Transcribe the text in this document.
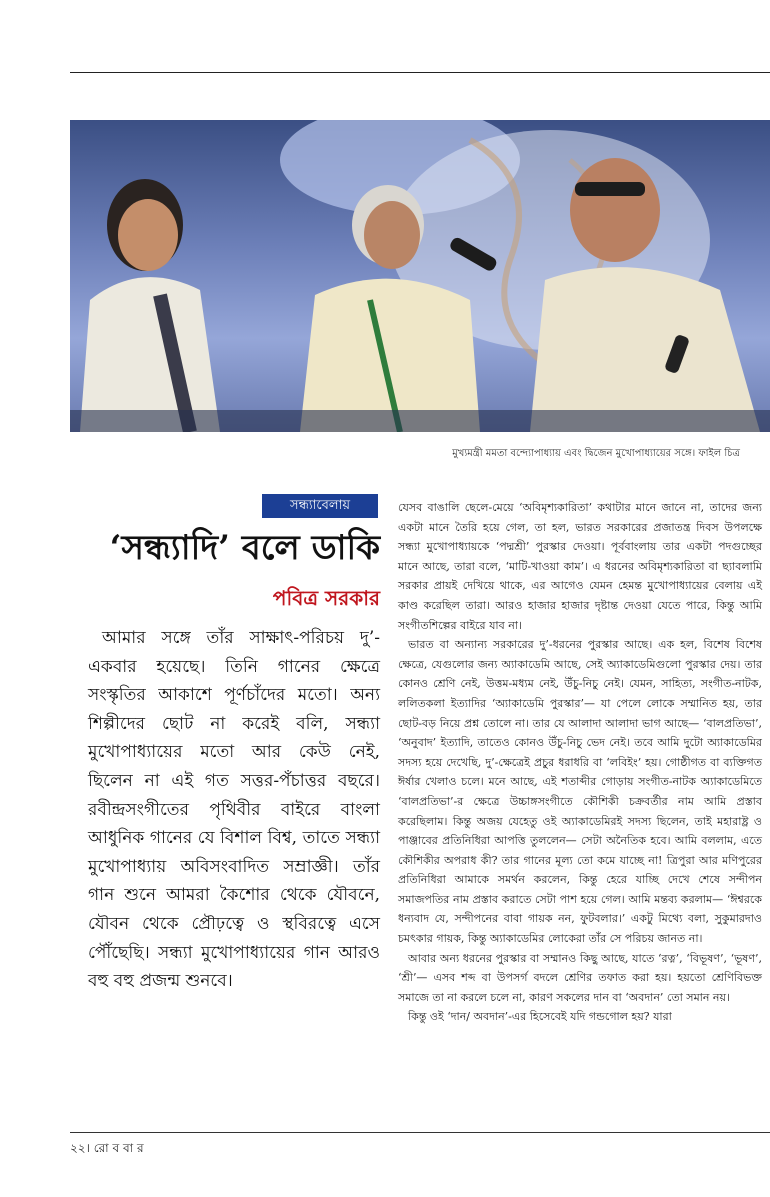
মুখ্যমন্ত্রী মমতা বন্দ্যোপাধ্যায় এবং দ্বিজেন মুখোপাধ্যায়ের সঙ্গে। ফাইল চিত্র
সন্ধ্যাবেলায়
‘সন্ধ্যাদি’ বলে ডাকি
পবিত্র সরকার

আমার সঙ্গে তাঁর সাক্ষাৎ-পরিচয় দু’-একবার হয়েছে। তিনি গানের ক্ষেত্রে সংস্কৃতির আকাশে পূর্ণচাঁদের মতো। অন্য শিল্পীদের ছোট না করেই বলি, সন্ধ্যা মুখোপাধ্যায়ের মতো আর কেউ নেই, ছিলেন না এই গত সত্তর-পঁচাত্তর বছরে। রবীন্দ্রসংগীতের পৃথিবীর বাইরে বাংলা আধুনিক গানের যে বিশাল বিশ্ব, তাতে সন্ধ্যা মুখোপাধ্যায় অবিসংবাদিত সম্রাজ্ঞী। তাঁর গান শুনে আমরা কৈশোর থেকে যৌবনে, যৌবন থেকে প্রৌঢ়ত্বে ও স্থবিরত্বে এসে পৌঁছেছি। সন্ধ্যা মুখোপাধ্যায়ের গান আরও বহু বহু প্রজন্ম শুনবে।

যেসব বাঙালি ছেলে-মেয়ে ‘অবিমৃশ্যকারিতা’ কথাটার মানে জানে না, তাদের জন্য একটা মানে তৈরি হয়ে গেল, তা হল, ভারত সরকারের প্রজাতন্ত্র দিবস উপলক্ষে সন্ধ্যা মুখোপাধ্যায়কে ‘পদ্মশ্রী’ পুরস্কার দেওয়া। পূর্ববাংলায় তার একটা পদগুচ্ছের মানে আছে, তারা বলে, ‘মাটি-খাওয়া কাম’। এ ধরনের অবিমৃশ্যকারিতা বা ছ্যাবলামি সরকার প্রায়ই দেখিয়ে থাকে, এর আগেও যেমন হেমন্ত মুখোপাধ্যায়ের বেলায় এই কাণ্ড করেছিল তারা। আরও হাজার হাজার দৃষ্টান্ত দেওয়া যেতে পারে, কিন্তু আমি সংগীতশিল্পের বাইরে যাব না।

ভারত বা অন্যান্য সরকারের দু’-ধরনের পুরস্কার আছে। এক হল, বিশেষ বিশেষ ক্ষেত্রে, যেগুলোর জন্য অ্যাকাডেমি আছে, সেই অ্যাকাডেমিগুলো পুরস্কার দেয়। তার কোনও শ্রেণি নেই, উত্তম-মধ্যম নেই, উঁচু-নিচু নেই। যেমন, সাহিত্য, সংগীত-নাটক, ললিতকলা ইত্যাদির ‘অ্যাকাডেমি পুরস্কার’— যা পেলে লোকে সম্মানিত হয়, তার ছোট-বড় নিয়ে প্রশ্ন তোলে না। তার যে আলাদা আলাদা ভাগ আছে— ‘বালপ্রতিভা’, ‘অনুবাদ’ ইত্যাদি, তাতেও কোনও উঁচু-নিচু ভেদ নেই। তবে আমি দুটো অ্যাকাডেমির সদস্য হয়ে দেখেছি, দু’-ক্ষেত্রেই প্রচুর ধরাধরি বা ‘লবিইং’ হয়। গোষ্ঠীগত বা ব্যক্তিগত ঈর্ষার খেলাও চলে। মনে আছে, এই শতাব্দীর গোড়ায় সংগীত-নাটক অ্যাকাডেমিতে ‘বালপ্রতিভা’-র ক্ষেত্রে উচ্চাঙ্গসংগীতে কৌশিকী চক্রবর্তীর নাম আমি প্রস্তাব করেছিলাম। কিন্তু অজয় যেহেতু ওই অ্যাকাডেমিরই সদস্য ছিলেন, তাই মহারাষ্ট্র ও পাঞ্জাবের প্রতিনিধিরা আপত্তি তুললেন— সেটা অনৈতিক হবে। আমি বললাম, এতে কৌশিকীর অপরাধ কী? তার গানের মূল্য তো কমে যাচ্ছে না! ত্রিপুরা আর মণিপুরের প্রতিনিধিরা আমাকে সমর্থন করলেন, কিন্তু হেরে যাচ্ছি দেখে শেষে সন্দীপন সমাজপতির নাম প্রস্তাব করাতে সেটা পাশ হয়ে গেল। আমি মন্তব্য করলাম— ‘ঈশ্বরকে ধন্যবাদ যে, সন্দীপনের বাবা গায়ক নন, ফুটবলার।’ একটু মিথ্যে বলা, সুকুমারদাও চমৎকার গায়ক, কিন্তু অ্যাকাডেমির লোকেরা তাঁর সে পরিচয় জানত না।

আবার অন্য ধরনের পুরস্কার বা সম্মানও কিছু আছে, যাতে ‘রত্ন’, ‘বিভূষণ’, ‘ভূষণ’, ‘শ্রী’— এসব শব্দ বা উপসর্গ বদলে শ্রেণির তফাত করা হয়। হয়তো শ্রেণিবিভক্ত সমাজে তা না করলে চলে না, কারণ সকলের দান বা ‘অবদান’ তো সমান নয়।

কিন্তু ওই ‘দান/ অবদান’-এর হিসেবেই যদি গন্ডগোল হয়? যারা

২২। রো ব বা র
